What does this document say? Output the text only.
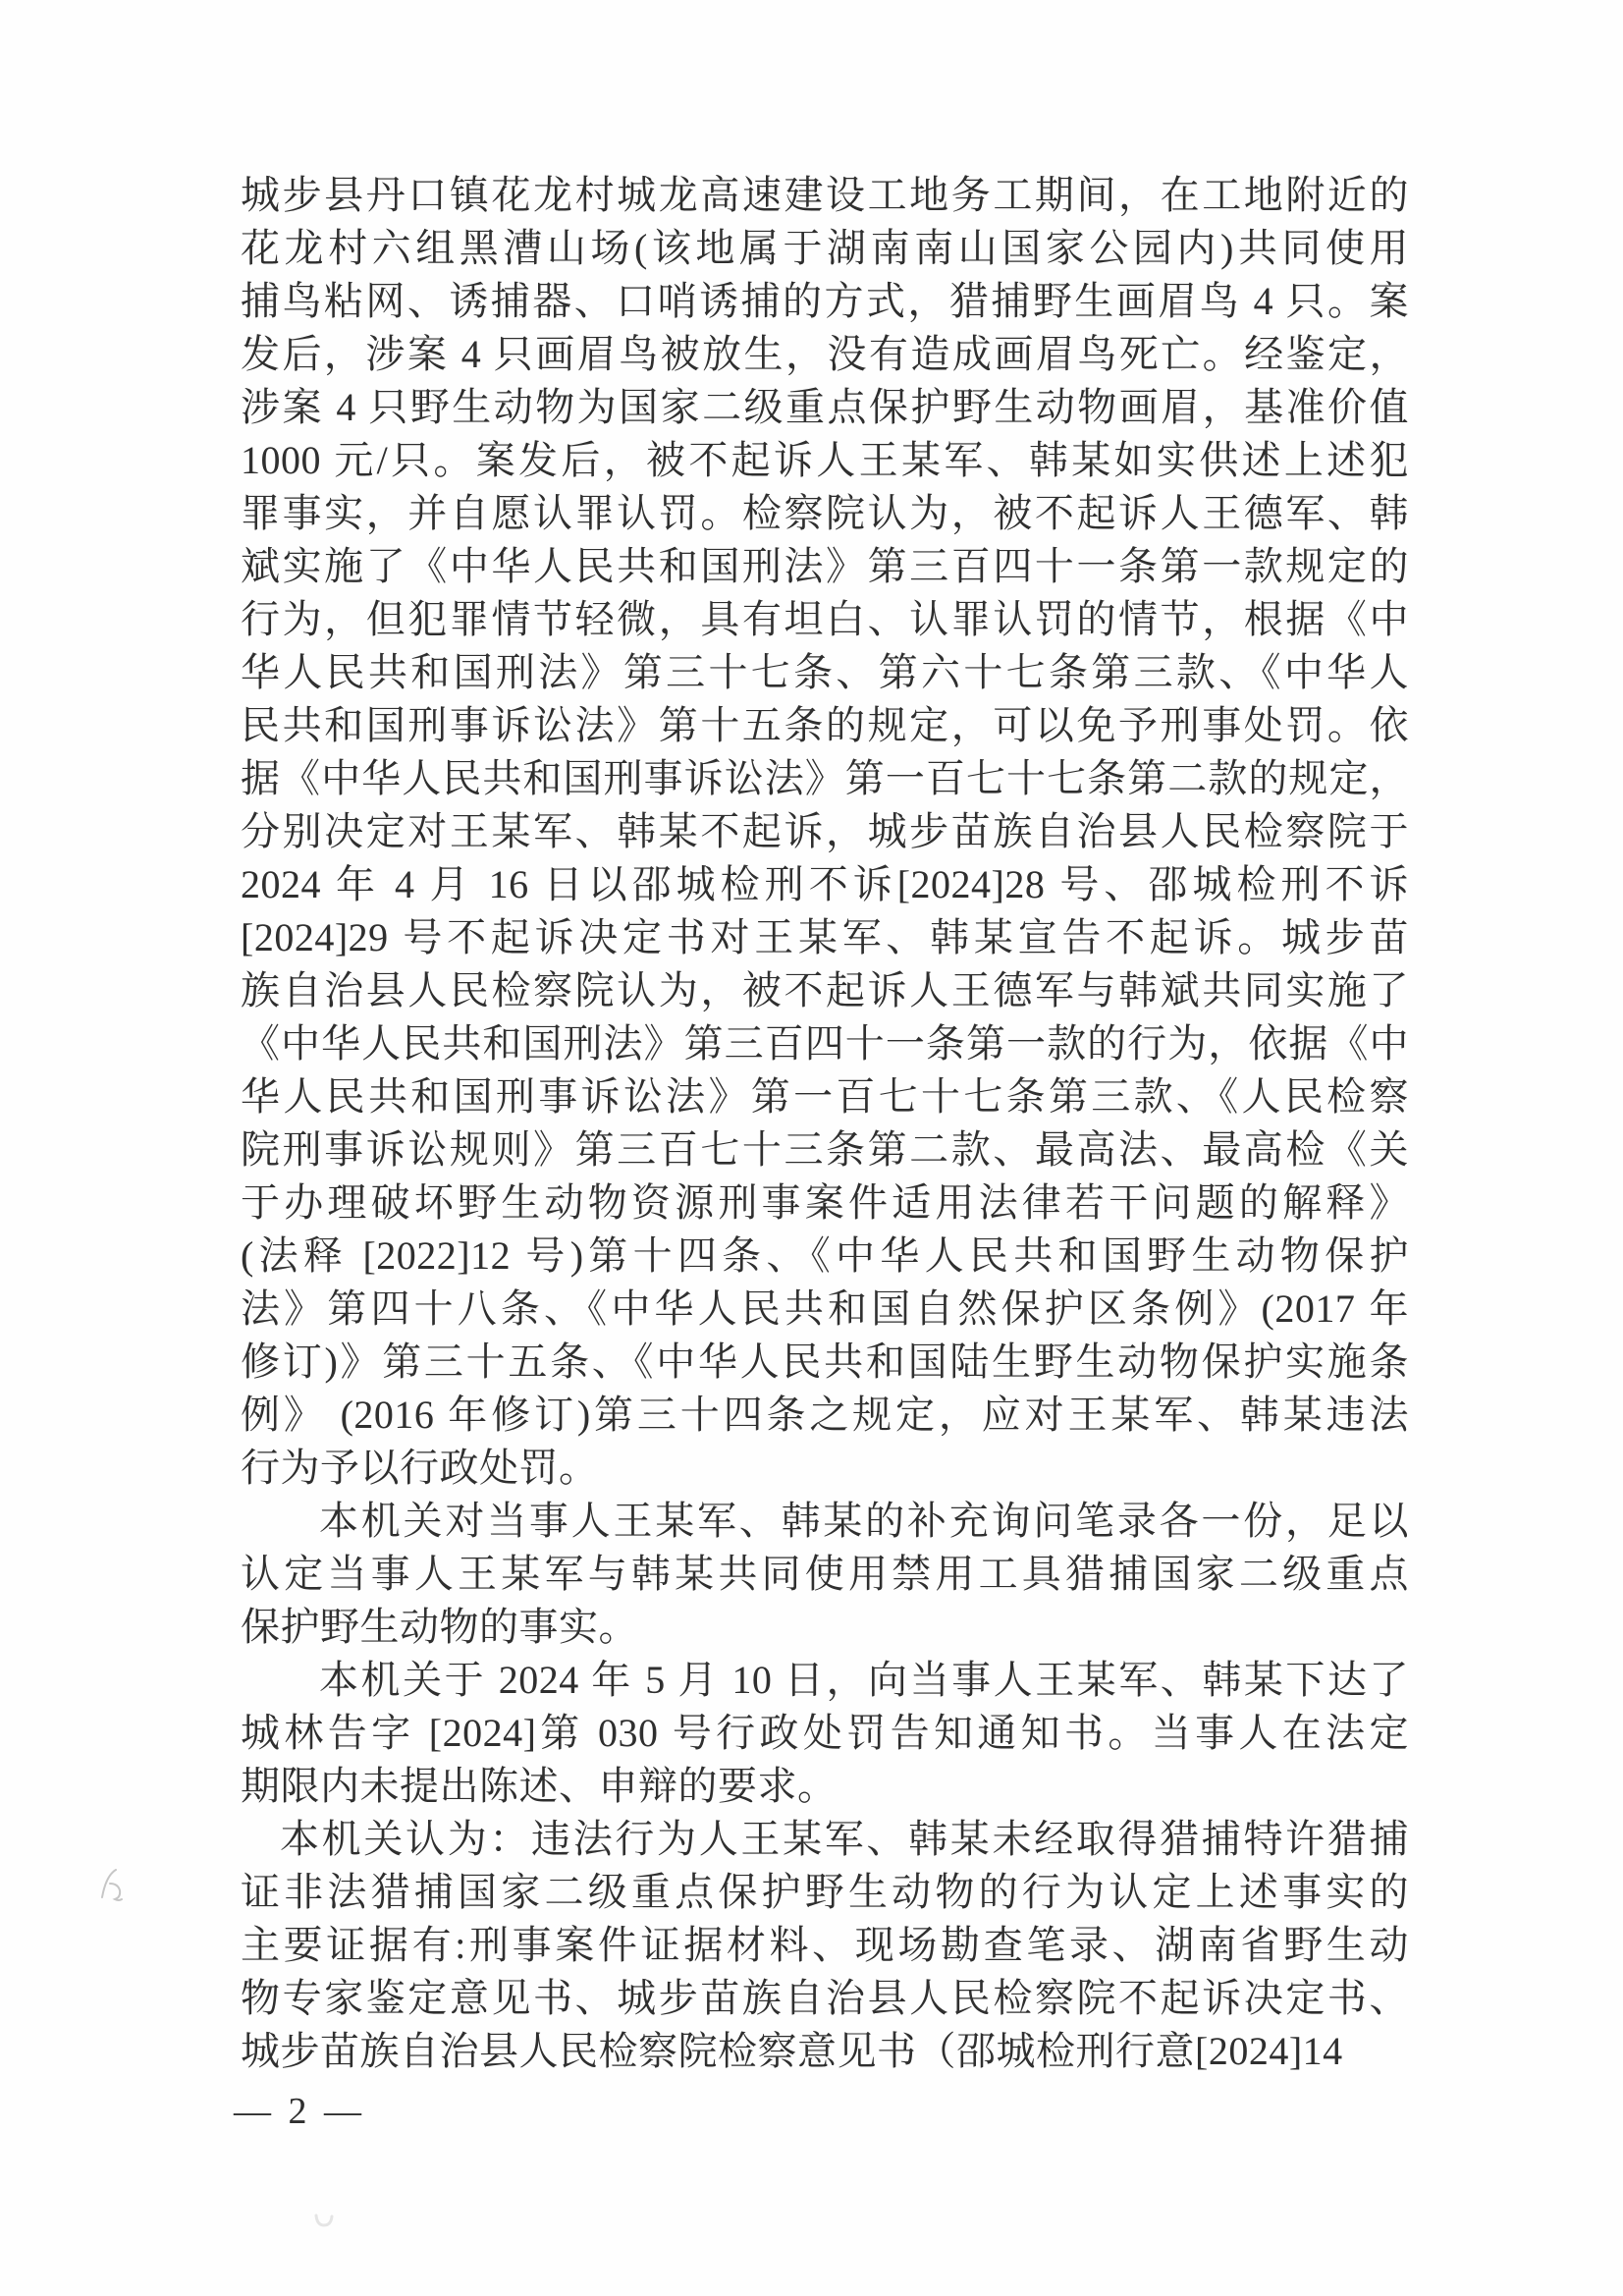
城步县丹口镇花龙村城龙高速建设工地务工期间，在工地附近的
花龙村六组黑漕山场(该地属于湖南南山国家公园内)共同使用
捕鸟粘网、诱捕器、口哨诱捕的方式，猎捕野生画眉鸟 4 只。案
发后，涉案 4 只画眉鸟被放生，没有造成画眉鸟死亡。经鉴定，
涉案 4 只野生动物为国家二级重点保护野生动物画眉，基准价值
1000 元/只。案发后，被不起诉人王某军、韩某如实供述上述犯
罪事实，并自愿认罪认罚。检察院认为，被不起诉人王德军、韩
斌实施了《中华人民共和国刑法》第三百四十一条第一款规定的
行为，但犯罪情节轻微，具有坦白、认罪认罚的情节，根据《中
华人民共和国刑法》第三十七条、第六十七条第三款、《中华人
民共和国刑事诉讼法》第十五条的规定，可以免予刑事处罚。依
据《中华人民共和国刑事诉讼法》第一百七十七条第二款的规定，
分别决定对王某军、韩某不起诉，城步苗族自治县人民检察院于
2024 年 4 月 16 日以邵城检刑不诉[2024]28 号、邵城检刑不诉
[2024]29 号不起诉决定书对王某军、韩某宣告不起诉。城步苗
族自治县人民检察院认为，被不起诉人王德军与韩斌共同实施了
《中华人民共和国刑法》第三百四十一条第一款的行为，依据《中
华人民共和国刑事诉讼法》第一百七十七条第三款、《人民检察
院刑事诉讼规则》第三百七十三条第二款、最高法、最高检《关
于办理破坏野生动物资源刑事案件适用法律若干问题的解释》
(法释 [2022]12 号)第十四条、《中华人民共和国野生动物保护
法》第四十八条、《中华人民共和国自然保护区条例》(2017 年
修订)》第三十五条、《中华人民共和国陆生野生动物保护实施条
例》 (2016 年修订)第三十四条之规定，应对王某军、韩某违法
行为予以行政处罚。
本机关对当事人王某军、韩某的补充询问笔录各一份，足以
认定当事人王某军与韩某共同使用禁用工具猎捕国家二级重点
保护野生动物的事实。
本机关于 2024 年 5 月 10 日，向当事人王某军、韩某下达了
城林告字 [2024]第 030 号行政处罚告知通知书。当事人在法定
期限内未提出陈述、申辩的要求。
本机关认为：违法行为人王某军、韩某未经取得猎捕特许猎捕
证非法猎捕国家二级重点保护野生动物的行为认定上述事实的
主要证据有:刑事案件证据材料、现场勘查笔录、湖南省野生动
物专家鉴定意见书、城步苗族自治县人民检察院不起诉决定书、
城步苗族自治县人民检察院检察意见书（邵城检刑行意[2024]14
— 2 —
